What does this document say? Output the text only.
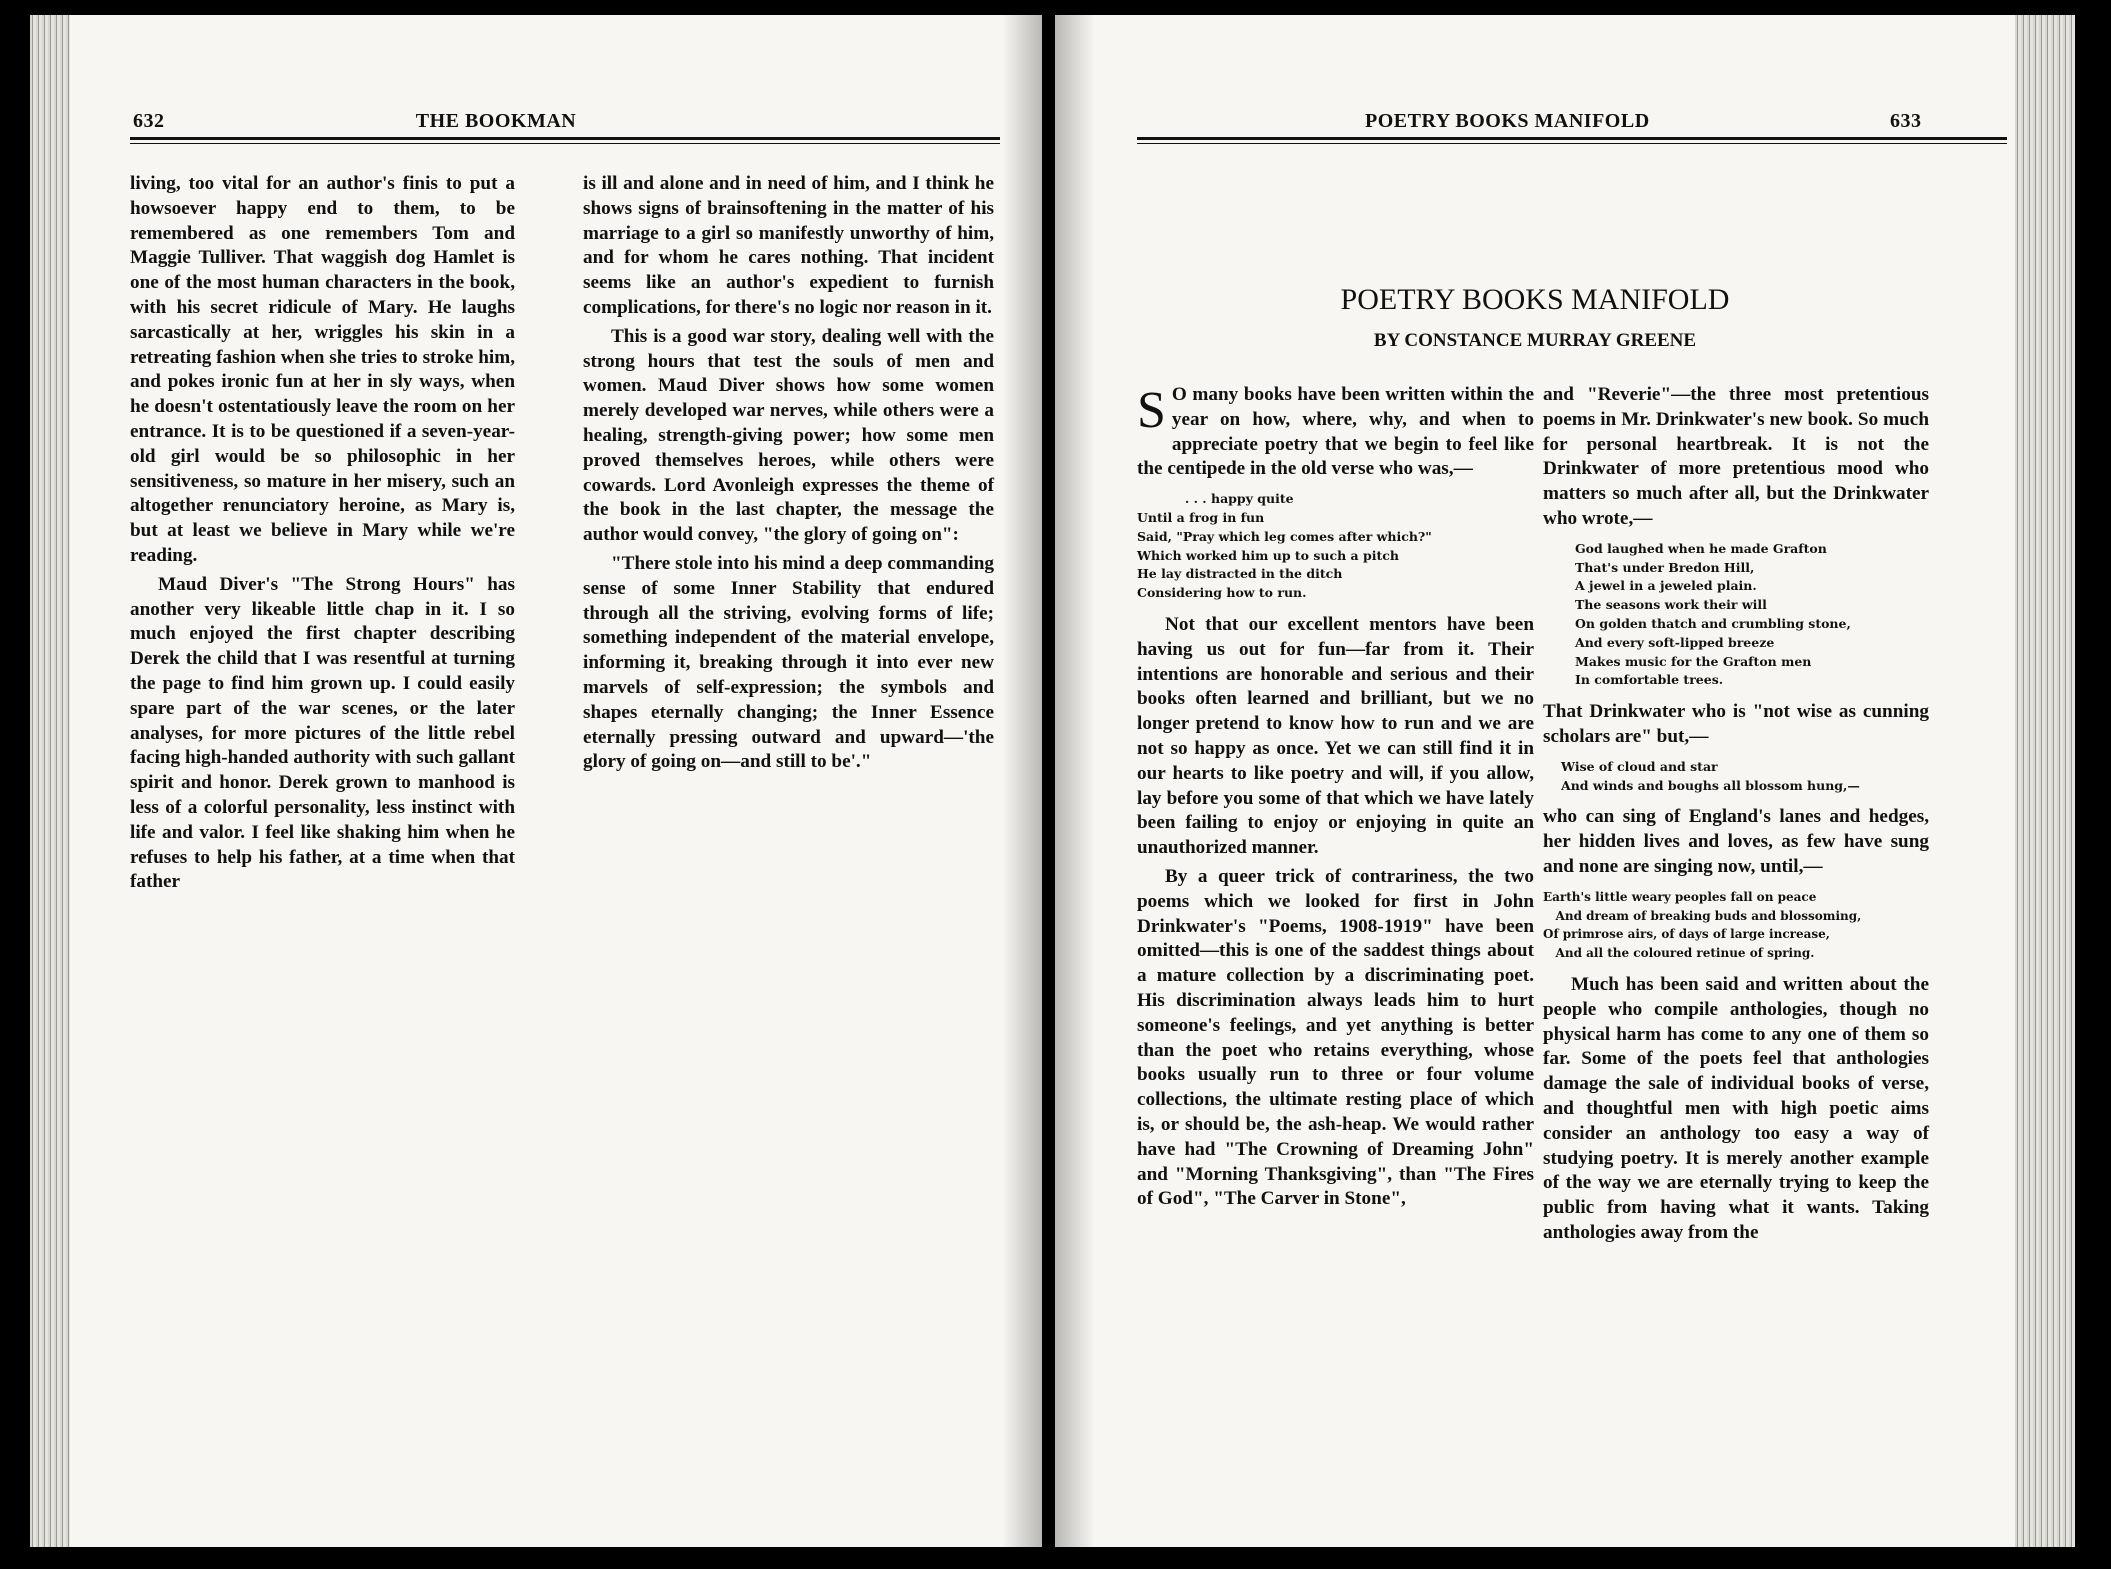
632	THE BOOKMAN

living, too vital for an author's finis to put a howsoever happy end to them, to be remembered as one remembers Tom and Maggie Tulliver. That waggish dog Hamlet is one of the most human characters in the book, with his secret ridicule of Mary. He laughs sarcastically at her, wriggles his skin in a retreating fashion when she tries to stroke him, and pokes ironic fun at her in sly ways, when he doesn't ostentatiously leave the room on her entrance. It is to be questioned if a seven-year-old girl would be so philosophic in her sensitiveness, so mature in her misery, such an altogether renunciatory heroine, as Mary is, but at least we believe in Mary while we're reading.

Maud Diver's "The Strong Hours" has another very likeable little chap in it. I so much enjoyed the first chapter describing Derek the child that I was resentful at turning the page to find him grown up. I could easily spare part of the war scenes, or the later analyses, for more pictures of the little rebel facing high-handed authority with such gallant spirit and honor. Derek grown to manhood is less of a colorful personality, less instinct with life and valor. I feel like shaking him when he refuses to help his father, at a time when that father

is ill and alone and in need of him, and I think he shows signs of brainsoftening in the matter of his marriage to a girl so manifestly unworthy of him, and for whom he cares nothing. That incident seems like an author's expedient to furnish complications, for there's no logic nor reason in it.

This is a good war story, dealing well with the strong hours that test the souls of men and women. Maud Diver shows how some women merely developed war nerves, while others were a healing, strength-giving power; how some men proved themselves heroes, while others were cowards. Lord Avonleigh expresses the theme of the book in the last chapter, the message the author would convey, "the glory of going on":

"There stole into his mind a deep commanding sense of some Inner Stability that endured through all the striving, evolving forms of life; something independent of the material envelope, informing it, breaking through it into ever new marvels of self-expression; the symbols and shapes eternally changing; the Inner Essence eternally pressing outward and upward—'the glory of going on—and still to be'."

POETRY BOOKS MANIFOLD	633
POETRY BOOKS MANIFOLD
BY CONSTANCE MURRAY GREENE

S O many books have been written within the year on how, where, why, and when to appreciate poetry that we begin to feel like the centipede in the old verse who was,—

. . . happy quite
Until a frog in fun
Said, "Pray which leg comes after which?"
Which worked him up to such a pitch
He lay distracted in the ditch
Considering how to run.

Not that our excellent mentors have been having us out for fun—far from it. Their intentions are honorable and serious and their books often learned and brilliant, but we no longer pretend to know how to run and we are not so happy as once. Yet we can still find it in our hearts to like poetry and will, if you allow, lay before you some of that which we have lately been failing to enjoy or enjoying in quite an unauthorized manner.

By a queer trick of contrariness, the two poems which we looked for first in John Drinkwater's "Poems, 1908-1919" have been omitted—this is one of the saddest things about a mature collection by a discriminating poet. His discrimination always leads him to hurt someone's feelings, and yet anything is better than the poet who retains everything, whose books usually run to three or four volume collections, the ultimate resting place of which is, or should be, the ash-heap. We would rather have had "The Crowning of Dreaming John" and "Morning Thanksgiving", than "The Fires of God", "The Carver in Stone",

and "Reverie"—the three most pretentious poems in Mr. Drinkwater's new book. So much for personal heartbreak. It is not the Drinkwater of more pretentious mood who matters so much after all, but the Drinkwater who wrote,—

God laughed when he made Grafton
That's under Bredon Hill,
A jewel in a jeweled plain.
The seasons work their will
On golden thatch and crumbling stone,
And every soft-lipped breeze
Makes music for the Grafton men
In comfortable trees.

That Drinkwater who is "not wise as cunning scholars are" but,—

Wise of cloud and star
And winds and boughs all blossom hung,—

who can sing of England's lanes and hedges, her hidden lives and loves, as few have sung and none are singing now, until,—

Earth's little weary peoples fall on peace
And dream of breaking buds and blossoming,
Of primrose airs, of days of large increase,
And all the coloured retinue of spring.

Much has been said and written about the people who compile anthologies, though no physical harm has come to any one of them so far. Some of the poets feel that anthologies damage the sale of individual books of verse, and thoughtful men with high poetic aims consider an anthology too easy a way of studying poetry. It is merely another example of the way we are eternally trying to keep the public from having what it wants. Taking anthologies away from the
